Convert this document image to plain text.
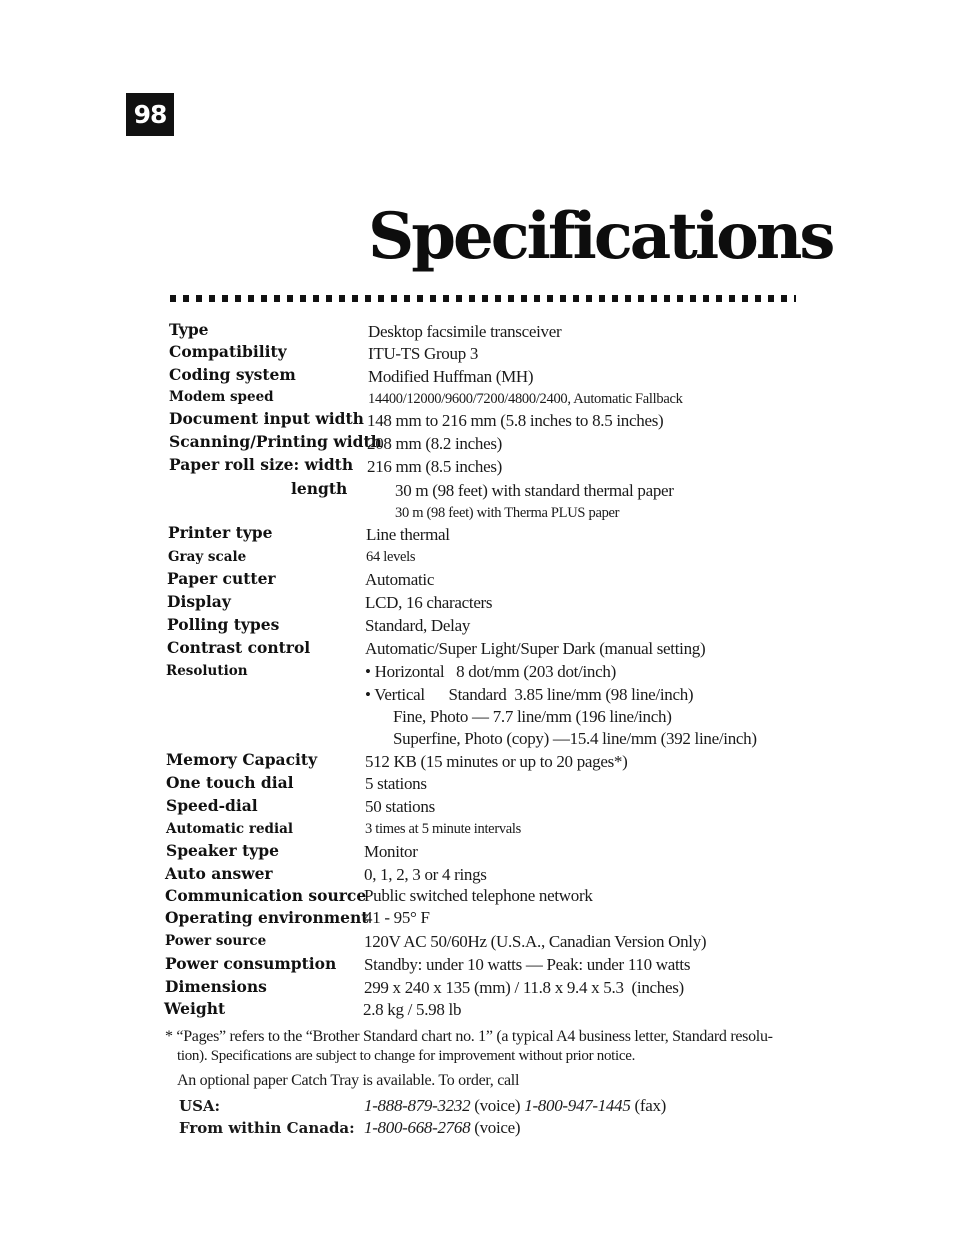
98
Specifications
Type
Compatibility
Coding system
Modem speed
Document input width
Scanning/Printing width
Paper roll size: width
length
Printer type
Gray scale
Paper cutter
Display
Polling types
Contrast control
Resolution
Memory Capacity
One touch dial
Speed-dial
Automatic redial
Speaker type
Auto answer
Communication source
Operating environment
Power source
Power consumption
Dimensions
Weight
Desktop facsimile transceiver
ITU-TS Group 3
Modified Huffman (MH)
14400/12000/9600/7200/4800/2400, Automatic Fallback
148 mm to 216 mm (5.8 inches to 8.5 inches)
208 mm (8.2 inches)
216 mm (8.5 inches)
30 m (98 feet) with standard thermal paper
30 m (98 feet) with Therma PLUS paper
Line thermal
64 levels
Automatic
LCD, 16 characters
Standard, Delay
Automatic/Super Light/Super Dark (manual setting)
• Horizontal   8 dot/mm (203 dot/inch)
• Vertical      Standard  3.85 line/mm (98 line/inch)
Fine, Photo — 7.7 line/mm (196 line/inch)
Superfine, Photo (copy) —15.4 line/mm (392 line/inch)
512 KB (15 minutes or up to 20 pages*)
5 stations
50 stations
3 times at 5 minute intervals
Monitor
0, 1, 2, 3 or 4 rings
Public switched telephone network
41 - 95° F
120V AC 50/60Hz (U.S.A., Canadian Version Only)
Standby: under 10 watts — Peak: under 110 watts
299 x 240 x 135 (mm) / 11.8 x 9.4 x 5.3  (inches)
2.8 kg / 5.98 lb
* “Pages” refers to the “Brother Standard chart no. 1” (a typical A4 business letter, Standard resolu-
tion). Specifications are subject to change for improvement without prior notice.
An optional paper Catch Tray is available. To order, call
USA:	1-888-879-3232 (voice) 1-800-947-1445 (fax)
From within Canada: 1-800-668-2768 (voice)
